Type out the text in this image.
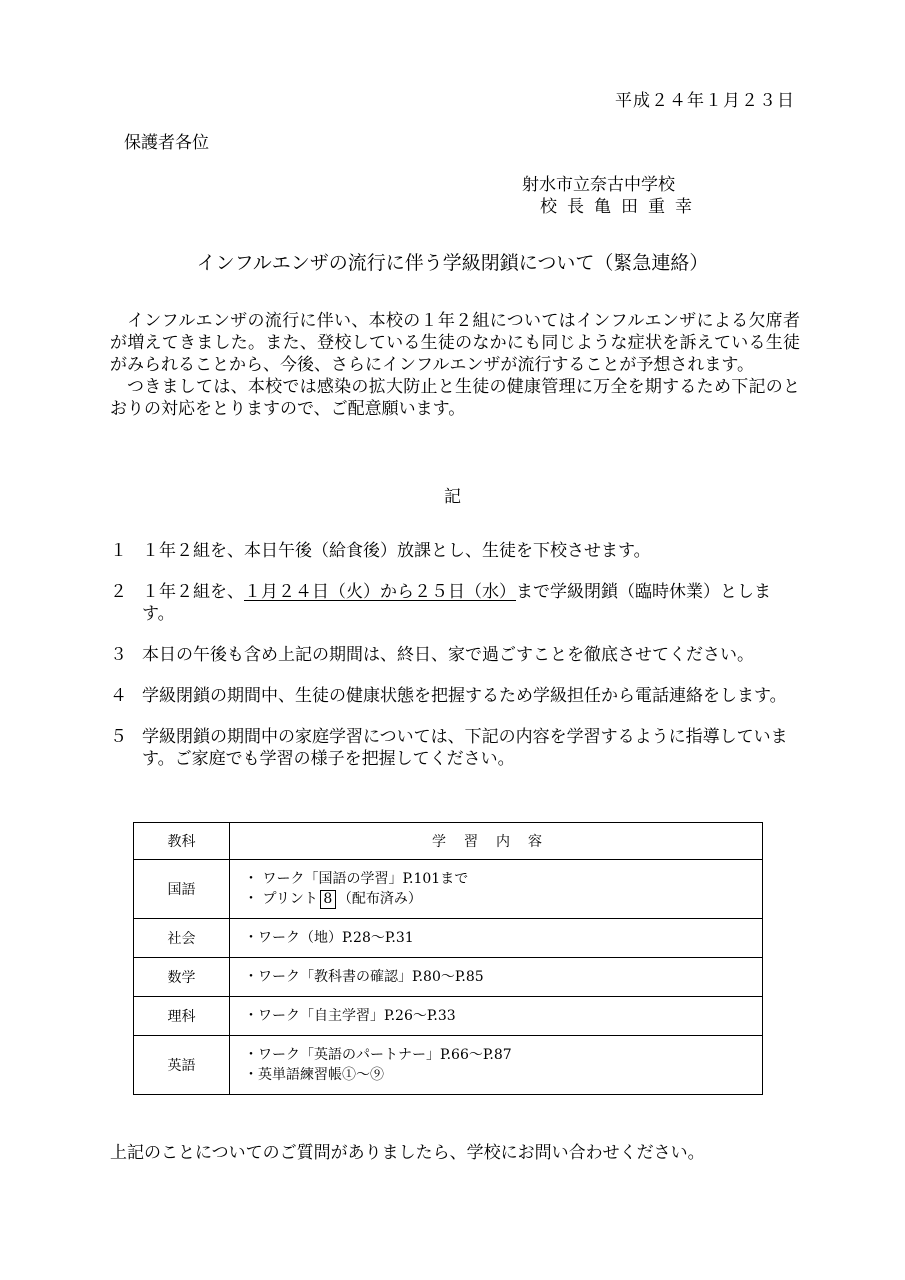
平成２４年１月２３日
保護者各位
射水市立奈古中学校
校長亀田重幸
インフルエンザの流行に伴う学級閉鎖について（緊急連絡）

インフルエンザの流行に伴い、本校の１年２組についてはインフルエンザによる欠席者が増えてきました。また、登校している生徒のなかにも同じような症状を訴えている生徒がみられることから、今後、さらにインフルエンザが流行することが予想されます。

つきましては、本校では感染の拡大防止と生徒の健康管理に万全を期するため下記のとおりの対応をとりますので、ご配意願います。

記
１ １年２組を、本日午後（給食後）放課とし、生徒を下校させます。
２ １年２組を、１月２４日（火）から２５日（水）まで学級閉鎖（臨時休業）とします。
３ 本日の午後も含め上記の期間は、終日、家で過ごすことを徹底させてください。
４ 学級閉鎖の期間中、生徒の健康状態を把握するため学級担任から電話連絡をします。
５ 学級閉鎖の期間中の家庭学習については、下記の内容を学習するように指導しています。ご家庭でも学習の様子を把握してください。
教科	学習内容
国語	・ ワーク「国語の学習」P.101まで
・ プリント 8 （配布済み）

社会	・ワーク（地）P.28～P.31

数学	・ワーク「教科書の確認」P.80～P.85

理科	・ワーク「自主学習」P.26～P.33

英語	・ワーク「英語のパートナー」P.66～P.87
・英単語練習帳①～⑨
上記のことについてのご質問がありましたら、学校にお問い合わせください。
